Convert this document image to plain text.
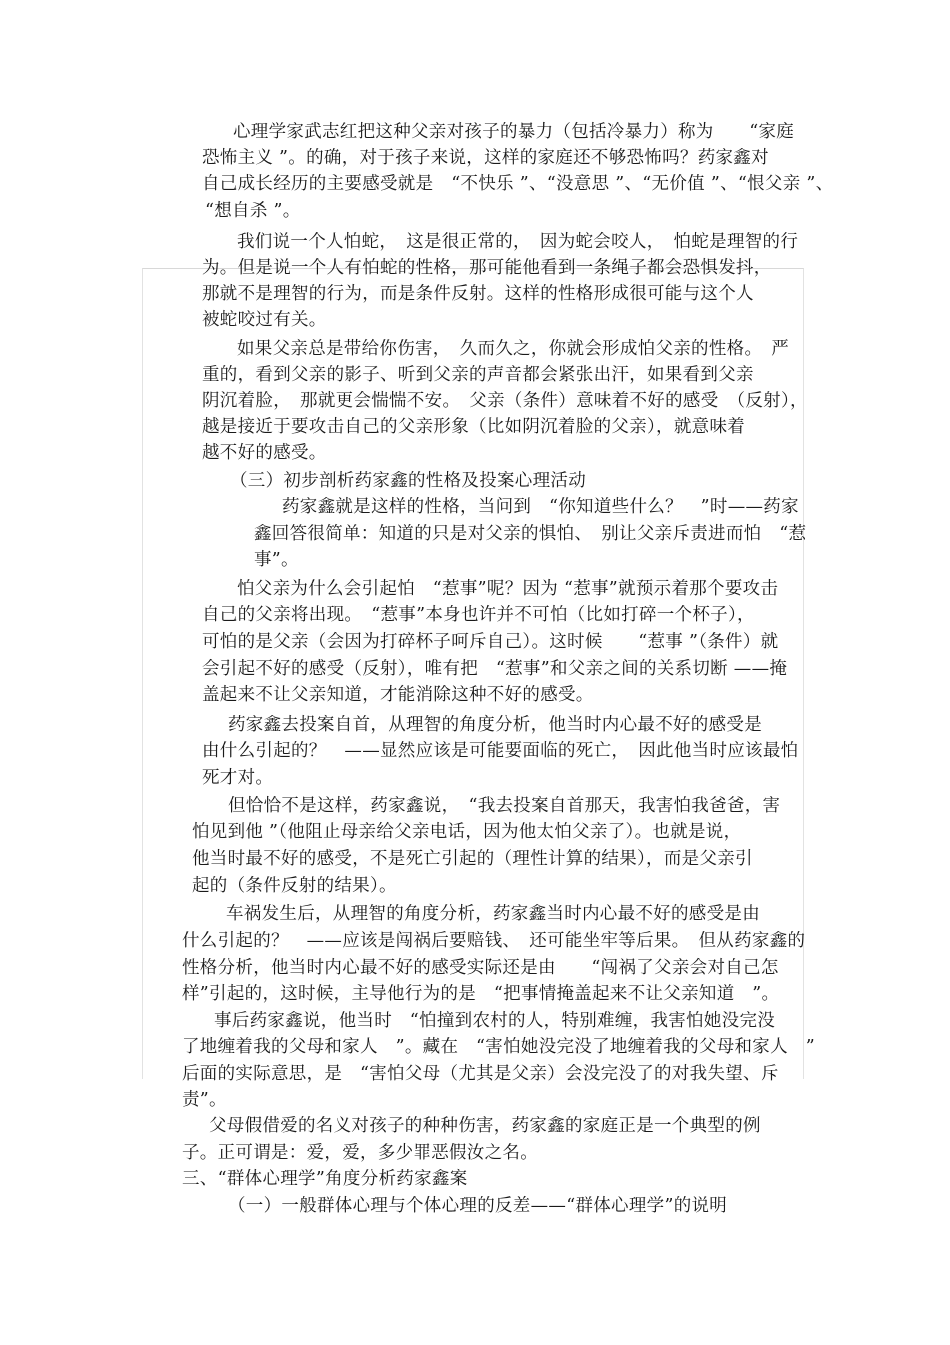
心理学家武志红把这种父亲对孩子的暴力（包括冷暴力）称为　　“家庭
恐怖主义 ”。的确，对于孩子来说，这样的家庭还不够恐怖吗？药家鑫对
自己成长经历的主要感受就是　“不快乐 ”、“没意思 ”、“无价值 ”、“恨父亲 ”、
“想自杀 ”。
我们说一个人怕蛇，　这是很正常的，　因为蛇会咬人，　怕蛇是理智的行
为。但是说一个人有怕蛇的性格，那可能他看到一条绳子都会恐惧发抖，
那就不是理智的行为，而是条件反射。这样的性格形成很可能与这个人
被蛇咬过有关。
如果父亲总是带给你伤害，　久而久之，你就会形成怕父亲的性格。　严
重的，看到父亲的影子、听到父亲的声音都会紧张出汗，如果看到父亲
阴沉着脸，　那就更会惴惴不安。　父亲（条件）意味着不好的感受　（反射），
越是接近于要攻击自己的父亲形象（比如阴沉着脸的父亲），就意味着
越不好的感受。
（三）初步剖析药家鑫的性格及投案心理活动
药家鑫就是这样的性格，当问到　“你知道些什么？　”时——药家
鑫回答很简单：知道的只是对父亲的惧怕、　别让父亲斥责进而怕　“惹
事”。
怕父亲为什么会引起怕　“惹事”呢？因为 “惹事”就预示着那个要攻击
自己的父亲将出现。　“惹事”本身也许并不可怕（比如打碎一个杯子），
可怕的是父亲（会因为打碎杯子呵斥自己）。这时候　　“惹事 ”（条件）就
会引起不好的感受（反射），唯有把　“惹事”和父亲之间的关系切断 ——掩
盖起来不让父亲知道，才能消除这种不好的感受。
药家鑫去投案自首，从理智的角度分析，他当时内心最不好的感受是
由什么引起的？　——显然应该是可能要面临的死亡，　因此他当时应该最怕
死才对。
但恰恰不是这样，药家鑫说，　“我去投案自首那天，我害怕我爸爸，害
怕见到他 ”（他阻止母亲给父亲电话，因为他太怕父亲了）。也就是说，
他当时最不好的感受，不是死亡引起的（理性计算的结果），而是父亲引
起的（条件反射的结果）。
车祸发生后，从理智的角度分析，药家鑫当时内心最不好的感受是由
什么引起的？　——应该是闯祸后要赔钱、　还可能坐牢等后果。　但从药家鑫的
性格分析，他当时内心最不好的感受实际还是由　　“闯祸了父亲会对自己怎
样”引起的，这时候，主导他行为的是　“把事情掩盖起来不让父亲知道　”。
事后药家鑫说，他当时　“怕撞到农村的人，特别难缠，我害怕她没完没
了地缠着我的父母和家人　”。藏在　“害怕她没完没了地缠着我的父母和家人　”
后面的实际意思，是　“害怕父母（尤其是父亲）会没完没了的对我失望、斥
责”。
父母假借爱的名义对孩子的种种伤害，药家鑫的家庭正是一个典型的例
子。正可谓是：爱，爱，多少罪恶假汝之名。
三、“群体心理学”角度分析药家鑫案
（一）一般群体心理与个体心理的反差——“群体心理学”的说明
